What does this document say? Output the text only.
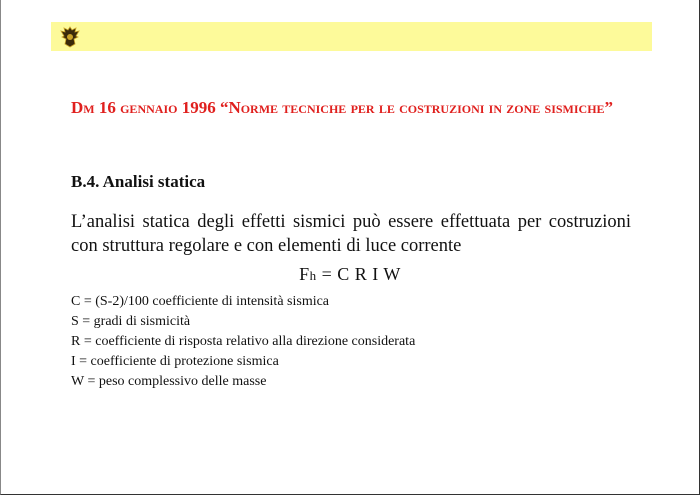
Dm 16 gennaio 1996 “Norme tecniche per le costruzioni in zone sismiche”
B.4. Analisi statica
L’analisi statica degli effetti sismici può essere effettuata per costruzioni con struttura regolare e con elementi di luce corrente
Fh = C R I W
C = (S-2)/100 coefficiente di intensità sismica
S = gradi di sismicità
R = coefficiente di risposta relativo alla direzione considerata
I = coefficiente di protezione sismica
W = peso complessivo delle masse
